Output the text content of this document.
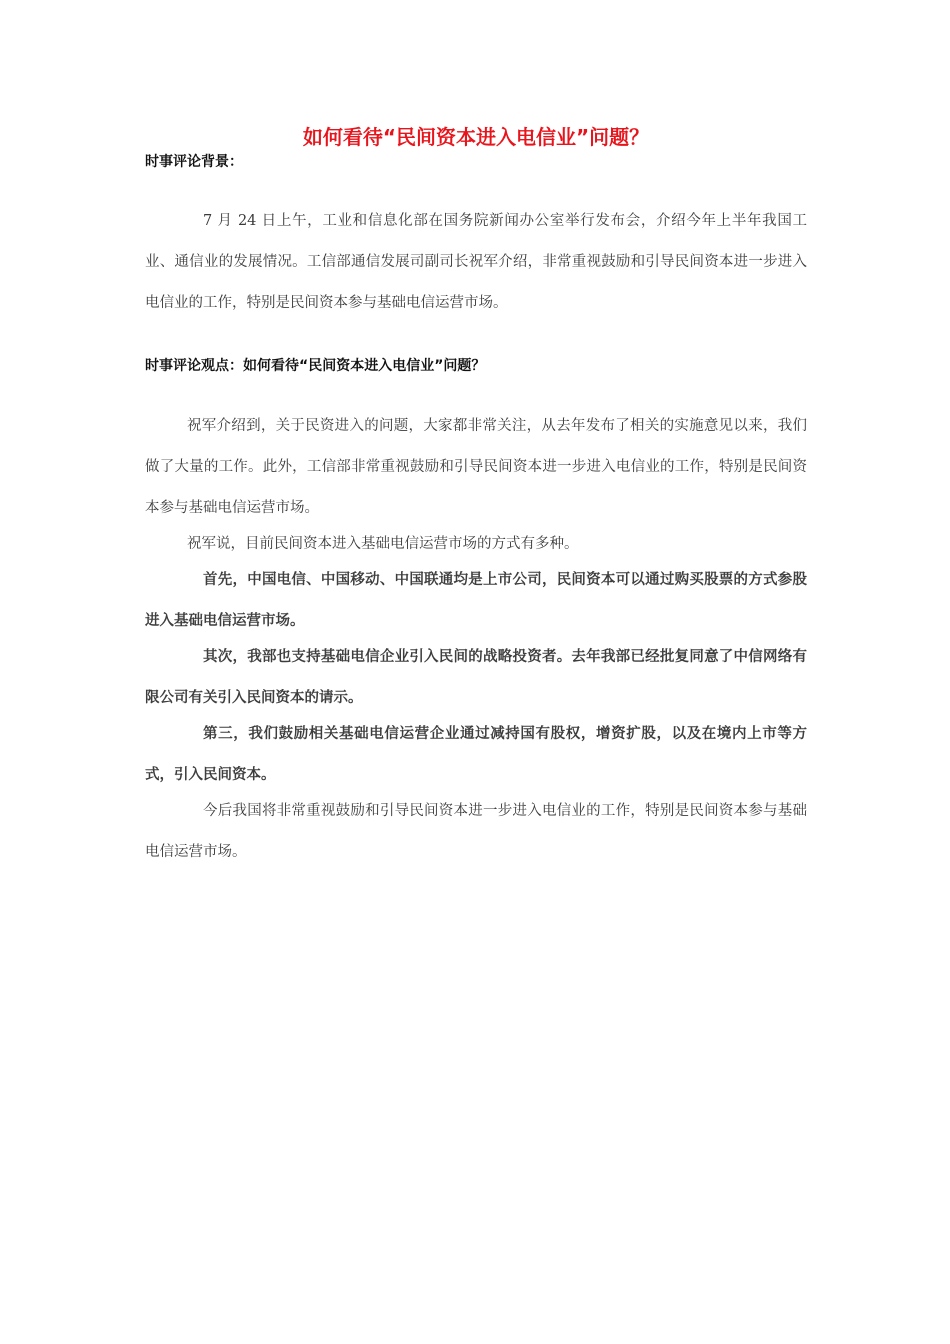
如何看待“民间资本进入电信业”问题？

时事评论背景：

7 月 24 日上午，工业和信息化部在国务院新闻办公室举行发布会，介绍今年上半年我国工业、通信业的发展情况。工信部通信发展司副司长祝军介绍，非常重视鼓励和引导民间资本进一步进入电信业的工作，特别是民间资本参与基础电信运营市场。

时事评论观点：如何看待“民间资本进入电信业”问题？

祝军介绍到，关于民资进入的问题，大家都非常关注，从去年发布了相关的实施意见以来，我们做了大量的工作。此外，工信部非常重视鼓励和引导民间资本进一步进入电信业的工作，特别是民间资本参与基础电信运营市场。

祝军说，目前民间资本进入基础电信运营市场的方式有多种。

首先，中国电信、中国移动、中国联通均是上市公司，民间资本可以通过购买股票的方式参股进入基础电信运营市场。

其次，我部也支持基础电信企业引入民间的战略投资者。去年我部已经批复同意了中信网络有限公司有关引入民间资本的请示。

第三，我们鼓励相关基础电信运营企业通过减持国有股权，增资扩股，以及在境内上市等方式，引入民间资本。

今后我国将非常重视鼓励和引导民间资本进一步进入电信业的工作，特别是民间资本参与基础电信运营市场。
